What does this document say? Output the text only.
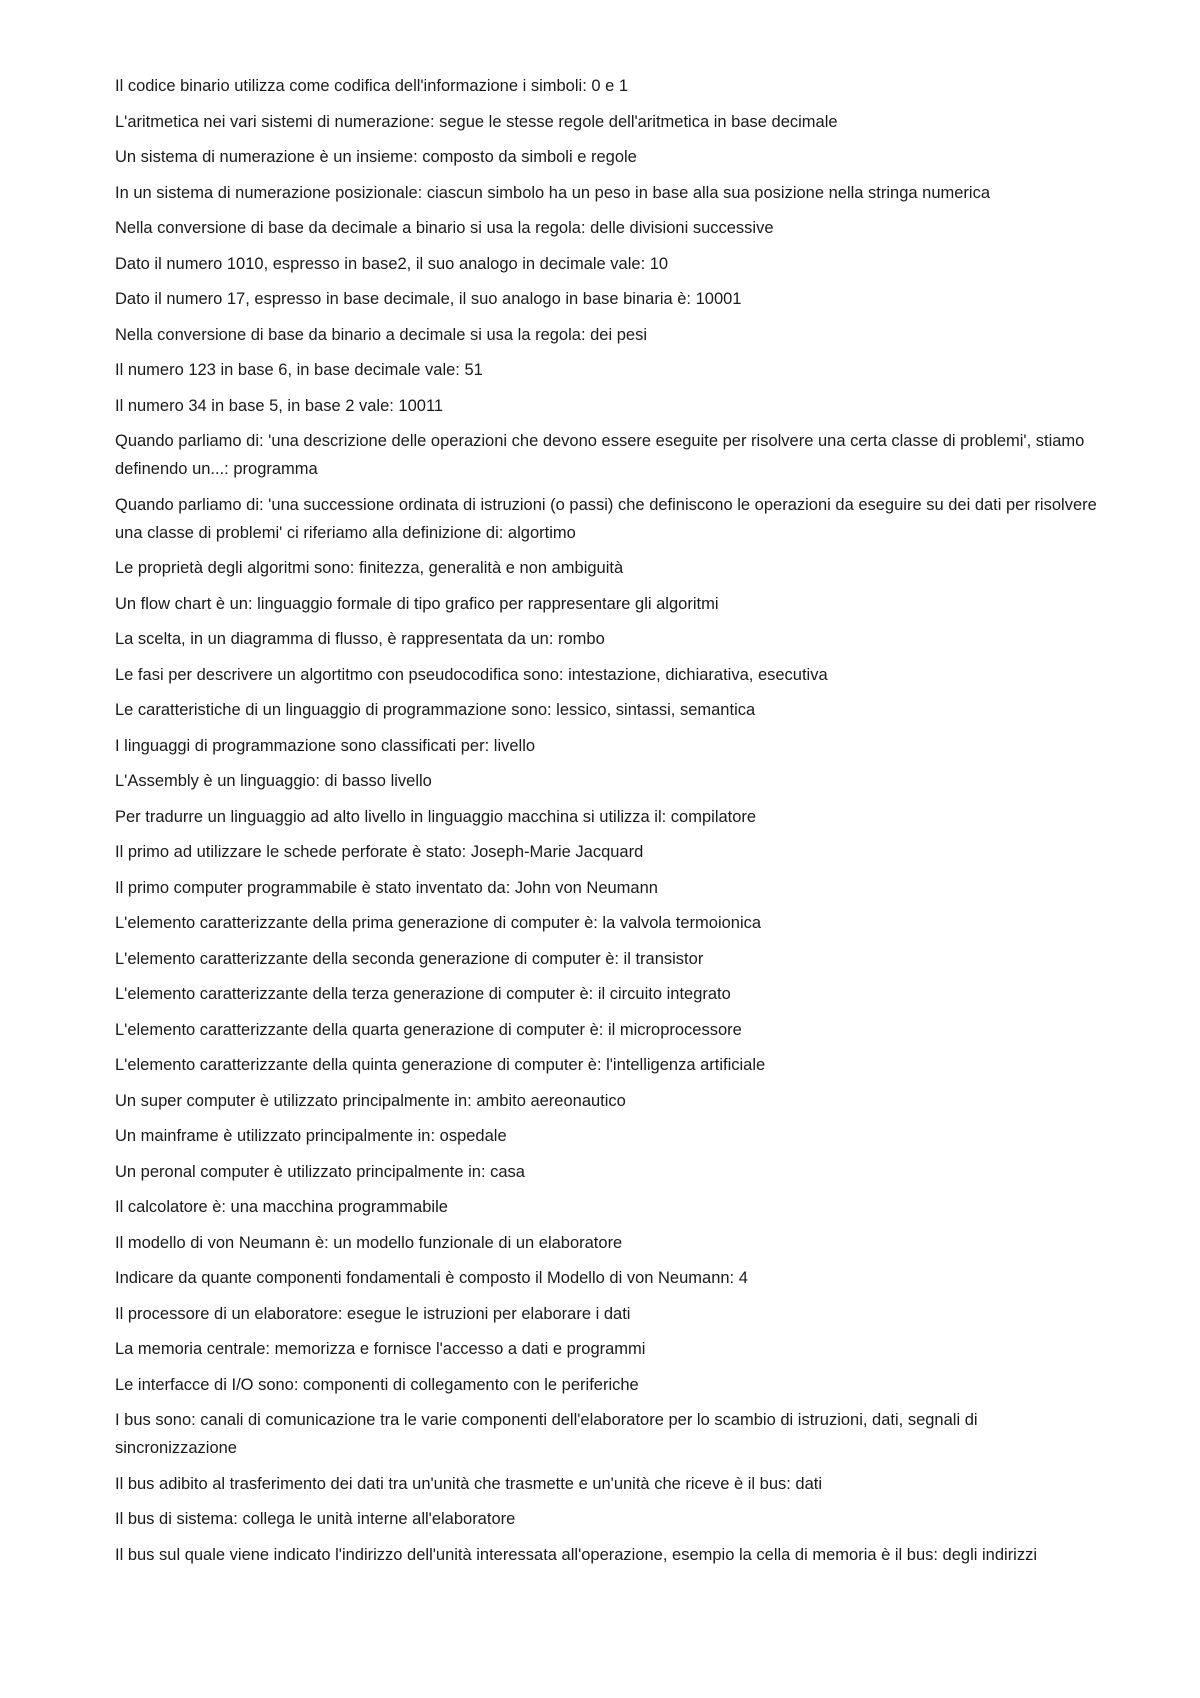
Il codice binario utilizza come codifica dell'informazione i simboli: 0 e 1

L'aritmetica nei vari sistemi di numerazione: segue le stesse regole dell'aritmetica in base decimale

Un sistema di numerazione è un insieme: composto da simboli e regole

In un sistema di numerazione posizionale: ciascun simbolo ha un peso in base alla sua posizione nella stringa numerica

Nella conversione di base da decimale a binario si usa la regola: delle divisioni successive

Dato il numero 1010, espresso in base2, il suo analogo in decimale vale: 10

Dato il numero 17, espresso in base decimale, il suo analogo in base binaria è: 10001

Nella conversione di base da binario a decimale si usa la regola: dei pesi

Il numero 123 in base 6, in base decimale vale: 51

Il numero 34 in base 5, in base 2 vale: 10011

Quando parliamo di: 'una descrizione delle operazioni che devono essere eseguite per risolvere una certa classe di problemi', stiamo definendo un...: programma

Quando parliamo di: 'una successione ordinata di istruzioni (o passi) che definiscono le operazioni da eseguire su dei dati per risolvere una classe di problemi' ci riferiamo alla definizione di: algortimo

Le proprietà degli algoritmi sono: finitezza, generalità e non ambiguità

Un flow chart è un: linguaggio formale di tipo grafico per rappresentare gli algoritmi

La scelta, in un diagramma di flusso, è rappresentata da un: rombo

Le fasi per descrivere un algortitmo con pseudocodifica sono: intestazione, dichiarativa, esecutiva

Le caratteristiche di un linguaggio di programmazione sono: lessico, sintassi, semantica

I linguaggi di programmazione sono classificati per: livello

L'Assembly è un linguaggio: di basso livello

Per tradurre un linguaggio ad alto livello in linguaggio macchina si utilizza il: compilatore

Il primo ad utilizzare le schede perforate è stato: Joseph-Marie Jacquard

Il primo computer programmabile è stato inventato da: John von Neumann

L'elemento caratterizzante della prima generazione di computer è: la valvola termoionica

L'elemento caratterizzante della seconda generazione di computer è: il transistor

L'elemento caratterizzante della terza generazione di computer è: il circuito integrato

L'elemento caratterizzante della quarta generazione di computer è: il microprocessore

L'elemento caratterizzante della quinta generazione di computer è: l'intelligenza artificiale

Un super computer è utilizzato principalmente in: ambito aereonautico

Un mainframe è utilizzato principalmente in: ospedale

Un peronal computer è utilizzato principalmente in: casa

Il calcolatore è: una macchina programmabile

Il modello di von Neumann è: un modello funzionale di un elaboratore

Indicare da quante componenti fondamentali è composto il Modello di von Neumann: 4

Il processore di un elaboratore: esegue le istruzioni per elaborare i dati

La memoria centrale: memorizza e fornisce l'accesso a dati e programmi

Le interfacce di I/O sono: componenti di collegamento con le periferiche

I bus sono: canali di comunicazione tra le varie componenti dell'elaboratore per lo scambio di istruzioni, dati, segnali di sincronizzazione

Il bus adibito al trasferimento dei dati tra un'unità che trasmette e un'unità che riceve è il bus: dati

Il bus di sistema: collega le unità interne all'elaboratore

Il bus sul quale viene indicato l'indirizzo dell'unità interessata all'operazione, esempio la cella di memoria è il bus: degli indirizzi
